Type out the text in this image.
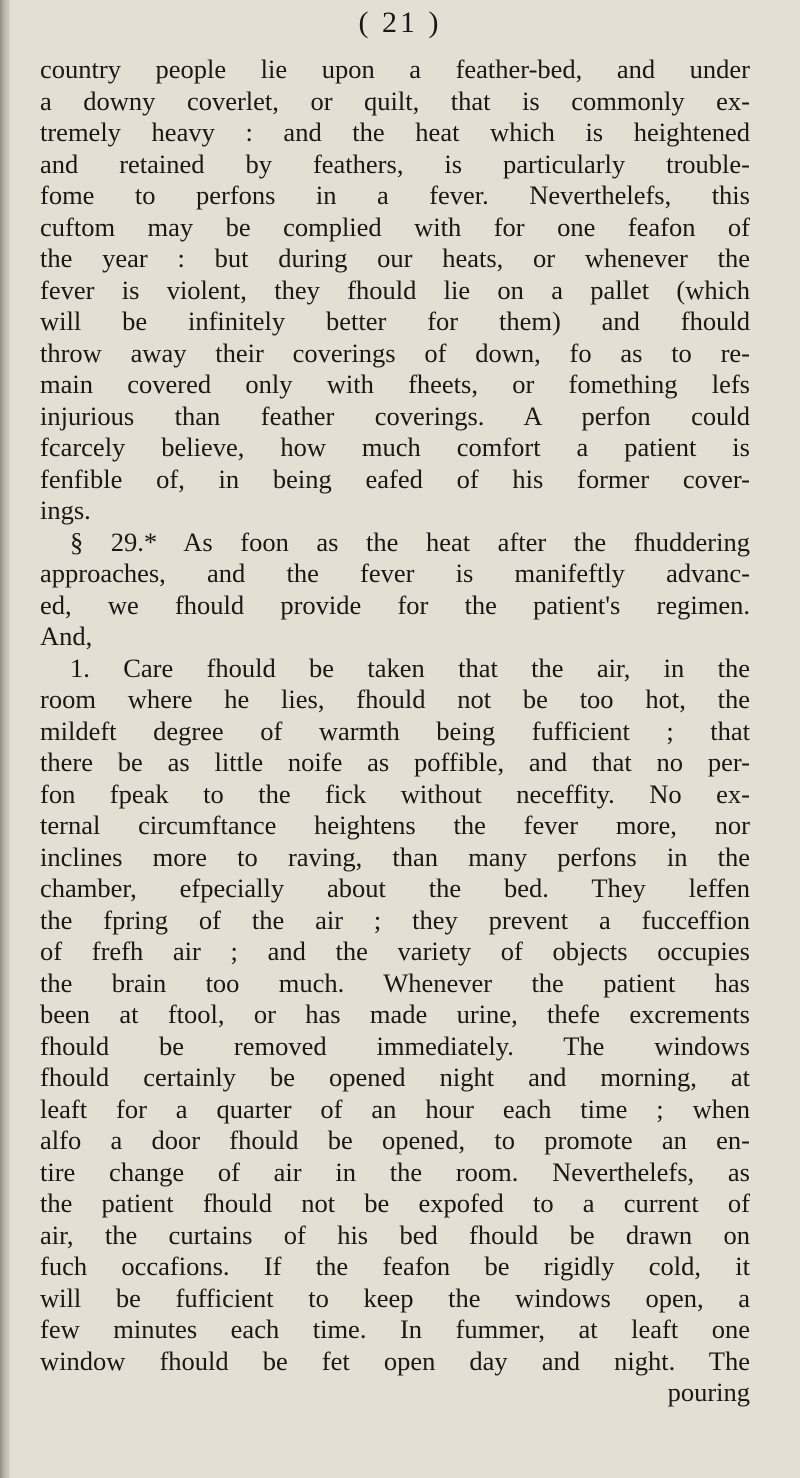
( 21 )
country people lie upon a feather-bed, and under
a downy coverlet, or quilt, that is commonly ex-
tremely heavy : and the heat which is heightened
and retained by feathers, is particularly trouble-
fome to perfons in a fever. Neverthelefs, this
cuftom may be complied with for one feafon of
the year : but during our heats, or whenever the
fever is violent, they fhould lie on a pallet (which
will be infinitely better for them) and fhould
throw away their coverings of down, fo as to re-
main covered only with fheets, or fomething lefs
injurious than feather coverings. A perfon could
fcarcely believe, how much comfort a patient is
fenfible of, in being eafed of his former cover-
ings.
§ 29.* As foon as the heat after the fhuddering
approaches, and the fever is manifeftly advanc-
ed, we fhould provide for the patient's regimen.
And,
1. Care fhould be taken that the air, in the
room where he lies, fhould not be too hot, the
mildeft degree of warmth being fufficient ; that
there be as little noife as poffible, and that no per-
fon fpeak to the fick without neceffity. No ex-
ternal circumftance heightens the fever more, nor
inclines more to raving, than many perfons in the
chamber, efpecially about the bed. They leffen
the fpring of the air ; they prevent a fucceffion
of frefh air ; and the variety of objects occupies
the brain too much. Whenever the patient has
been at ftool, or has made urine, thefe excrements
fhould be removed immediately. The windows
fhould certainly be opened night and morning, at
leaft for a quarter of an hour each time ; when
alfo a door fhould be opened, to promote an en-
tire change of air in the room. Neverthelefs, as
the patient fhould not be expofed to a current of
air, the curtains of his bed fhould be drawn on
fuch occafions. If the feafon be rigidly cold, it
will be fufficient to keep the windows open, a
few minutes each time. In fummer, at leaft one
window fhould be fet open day and night. The
pouring
